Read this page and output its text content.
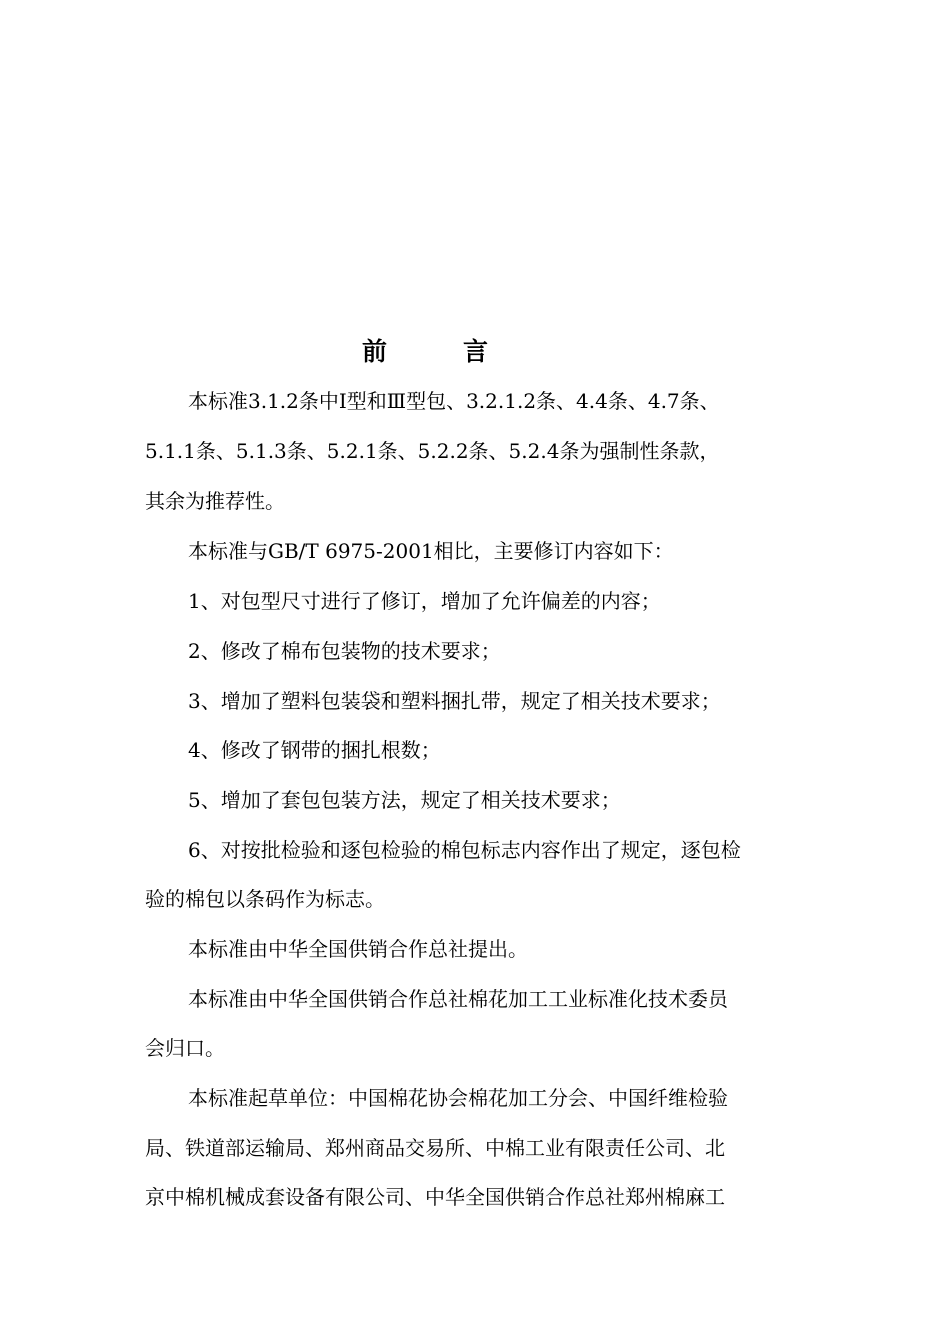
前	言
本标准3.1.2条中Ⅰ型和Ⅲ型包、3.2.1.2条、4.4条、4.7条、
5.1.1条、5.1.3条、5.2.1条、5.2.2条、5.2.4条为强制性条款，
其余为推荐性。
本标准与GB/T 6975-2001相比，主要修订内容如下：
1、对包型尺寸进行了修订，增加了允许偏差的内容；
2、修改了棉布包装物的技术要求；
3、增加了塑料包装袋和塑料捆扎带，规定了相关技术要求；
4、修改了钢带的捆扎根数；
5、增加了套包包装方法，规定了相关技术要求；
6、对按批检验和逐包检验的棉包标志内容作出了规定，逐包检
验的棉包以条码作为标志。
本标准由中华全国供销合作总社提出。
本标准由中华全国供销合作总社棉花加工工业标准化技术委员
会归口。
本标准起草单位：中国棉花协会棉花加工分会、中国纤维检验
局、铁道部运输局、郑州商品交易所、中棉工业有限责任公司、北
京中棉机械成套设备有限公司、中华全国供销合作总社郑州棉麻工
